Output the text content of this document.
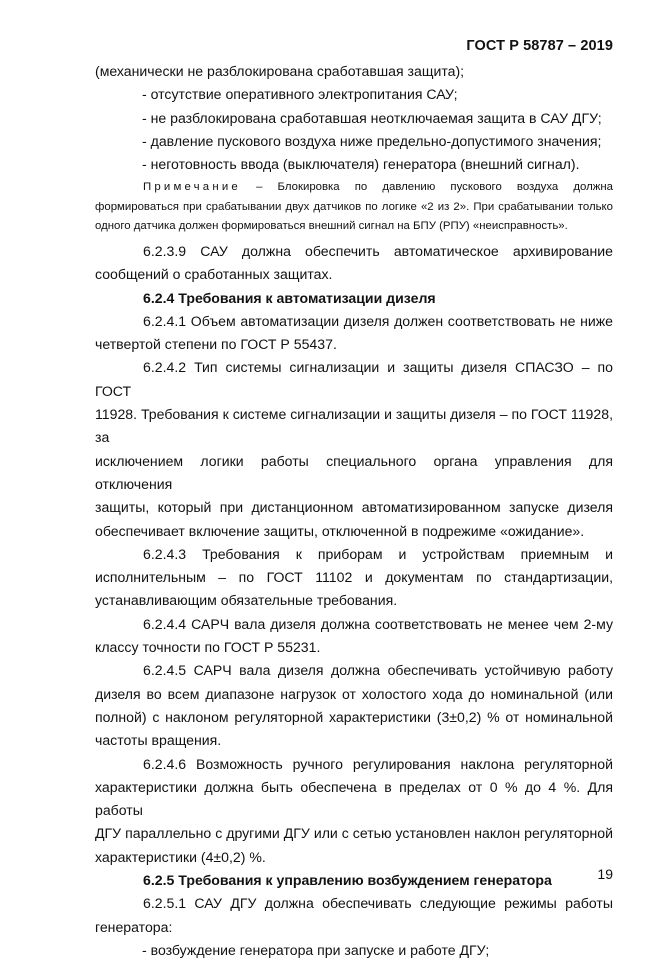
ГОСТ Р 58787 – 2019

(механически не разблокирована сработавшая защита);

- отсутствие оперативного электропитания САУ;

- не разблокирована сработавшая неотключаемая защита в САУ ДГУ;

- давление пускового воздуха ниже предельно-допустимого значения;

- неготовность ввода (выключателя) генератора (внешний сигнал).

Примечание – Блокировка по давлению пускового воздуха должна
формироваться при срабатывании двух датчиков по логике «2 из 2». При срабатывании только
одного датчика должен формироваться внешний сигнал на БПУ (РПУ) «неисправность».

6.2.3.9 САУ должна обеспечить автоматическое архивирование

сообщений о сработанных защитах.

6.2.4 Требования к автоматизации дизеля

6.2.4.1 Объем автоматизации дизеля должен соответствовать не ниже

четвертой степени по ГОСТ Р 55437.

6.2.4.2 Тип системы сигнализации и защиты дизеля СПАСЗО – по ГОСТ

11928. Требования к системе сигнализации и защиты дизеля – по ГОСТ 11928, за

исключением логики работы специального органа управления для отключения

защиты, который при дистанционном автоматизированном запуске дизеля

обеспечивает включение защиты, отключенной в подрежиме «ожидание».

6.2.4.3 Требования к приборам и устройствам приемным и

исполнительным – по ГОСТ 11102 и документам по стандартизации,

устанавливающим обязательные требования.

6.2.4.4 САРЧ вала дизеля должна соответствовать не менее чем 2-му

классу точности по ГОСТ Р 55231.

6.2.4.5 САРЧ вала дизеля должна обеспечивать устойчивую работу

дизеля во всем диапазоне нагрузок от холостого хода до номинальной (или

полной) с наклоном регуляторной характеристики (3±0,2) % от номинальной

частоты вращения.

6.2.4.6 Возможность ручного регулирования наклона регуляторной

характеристики должна быть обеспечена в пределах от 0 % до 4 %. Для работы

ДГУ параллельно с другими ДГУ или с сетью установлен наклон регуляторной

характеристики (4±0,2) %.

6.2.5 Требования к управлению возбуждением генератора

6.2.5.1 САУ ДГУ должна обеспечивать следующие режимы работы

генератора:

- возбуждение генератора при запуске и работе ДГУ;

19
